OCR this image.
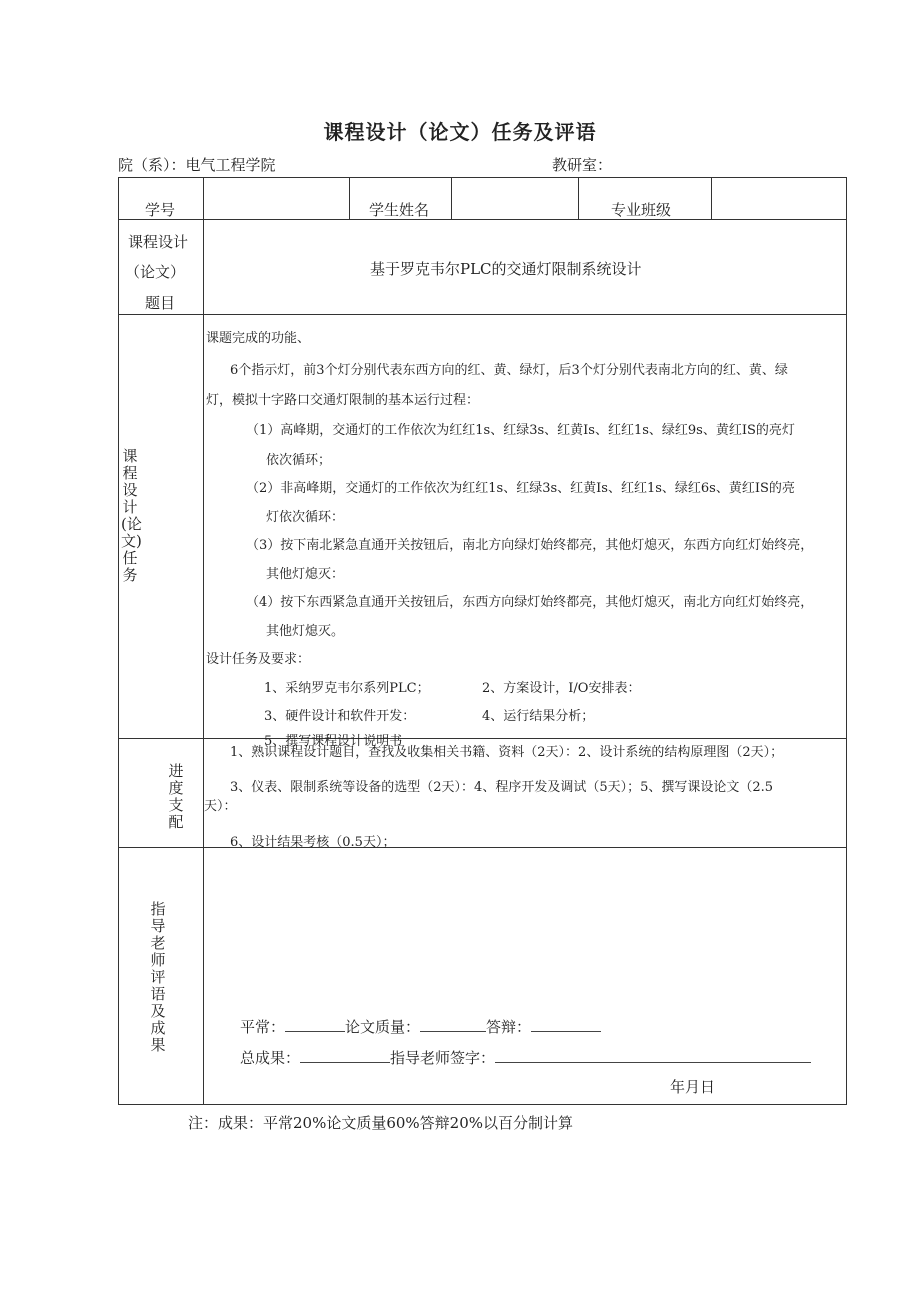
课程设计（论文）任务及评语
院（系）：电气工程学院	教研室：
学号	学生姓名	专业班级
课程设计
（论文）
题目
基于罗克韦尔PLC的交通灯限制系统设计
课程设计(论文)任务
课题完成的功能、
6个指示灯，前3个灯分别代表东西方向的红、黄、绿灯，后3个灯分别代表南北方向的红、黄、绿
灯，模拟十字路口交通灯限制的基本运行过程：
（1）高峰期，交通灯的工作依次为红红1s、红绿3s、红黄Is、红红1s、绿红9s、黄红IS的亮灯
依次循环；
（2）非高峰期，交通灯的工作依次为红红1s、红绿3s、红黄Is、红红1s、绿红6s、黄红IS的亮
灯依次循环：
（3）按下南北紧急直通开关按钮后，南北方向绿灯始终都亮，其他灯熄灭，东西方向红灯始终亮，
其他灯熄灭：
（4）按下东西紧急直通开关按钮后，东西方向绿灯始终都亮，其他灯熄灭，南北方向红灯始终亮，
其他灯熄灭。
设计任务及要求：
1、采纳罗克韦尔系列PLC；	2、方案设计，I/O安排表：
3、硬件设计和软件开发：	4、运行结果分析；
5、撰写课程设计说明书
进度支配
1、熟识课程设计题目，查找及收集相关书籍、资料（2天）：2、设计系统的结构原理图（2天）；
3、仪表、限制系统等设备的选型（2天）：4、程序开发及调试（5天）；5、撰写课设论文（2.5
天）：
6、设计结果考核（0.5天）；
指导老师评语及成果
平常：	论文质量：	答辩：
总成果：	指导老师签字：
年月日
注：成果：平常20%论文质量60%答辩20%以百分制计算
